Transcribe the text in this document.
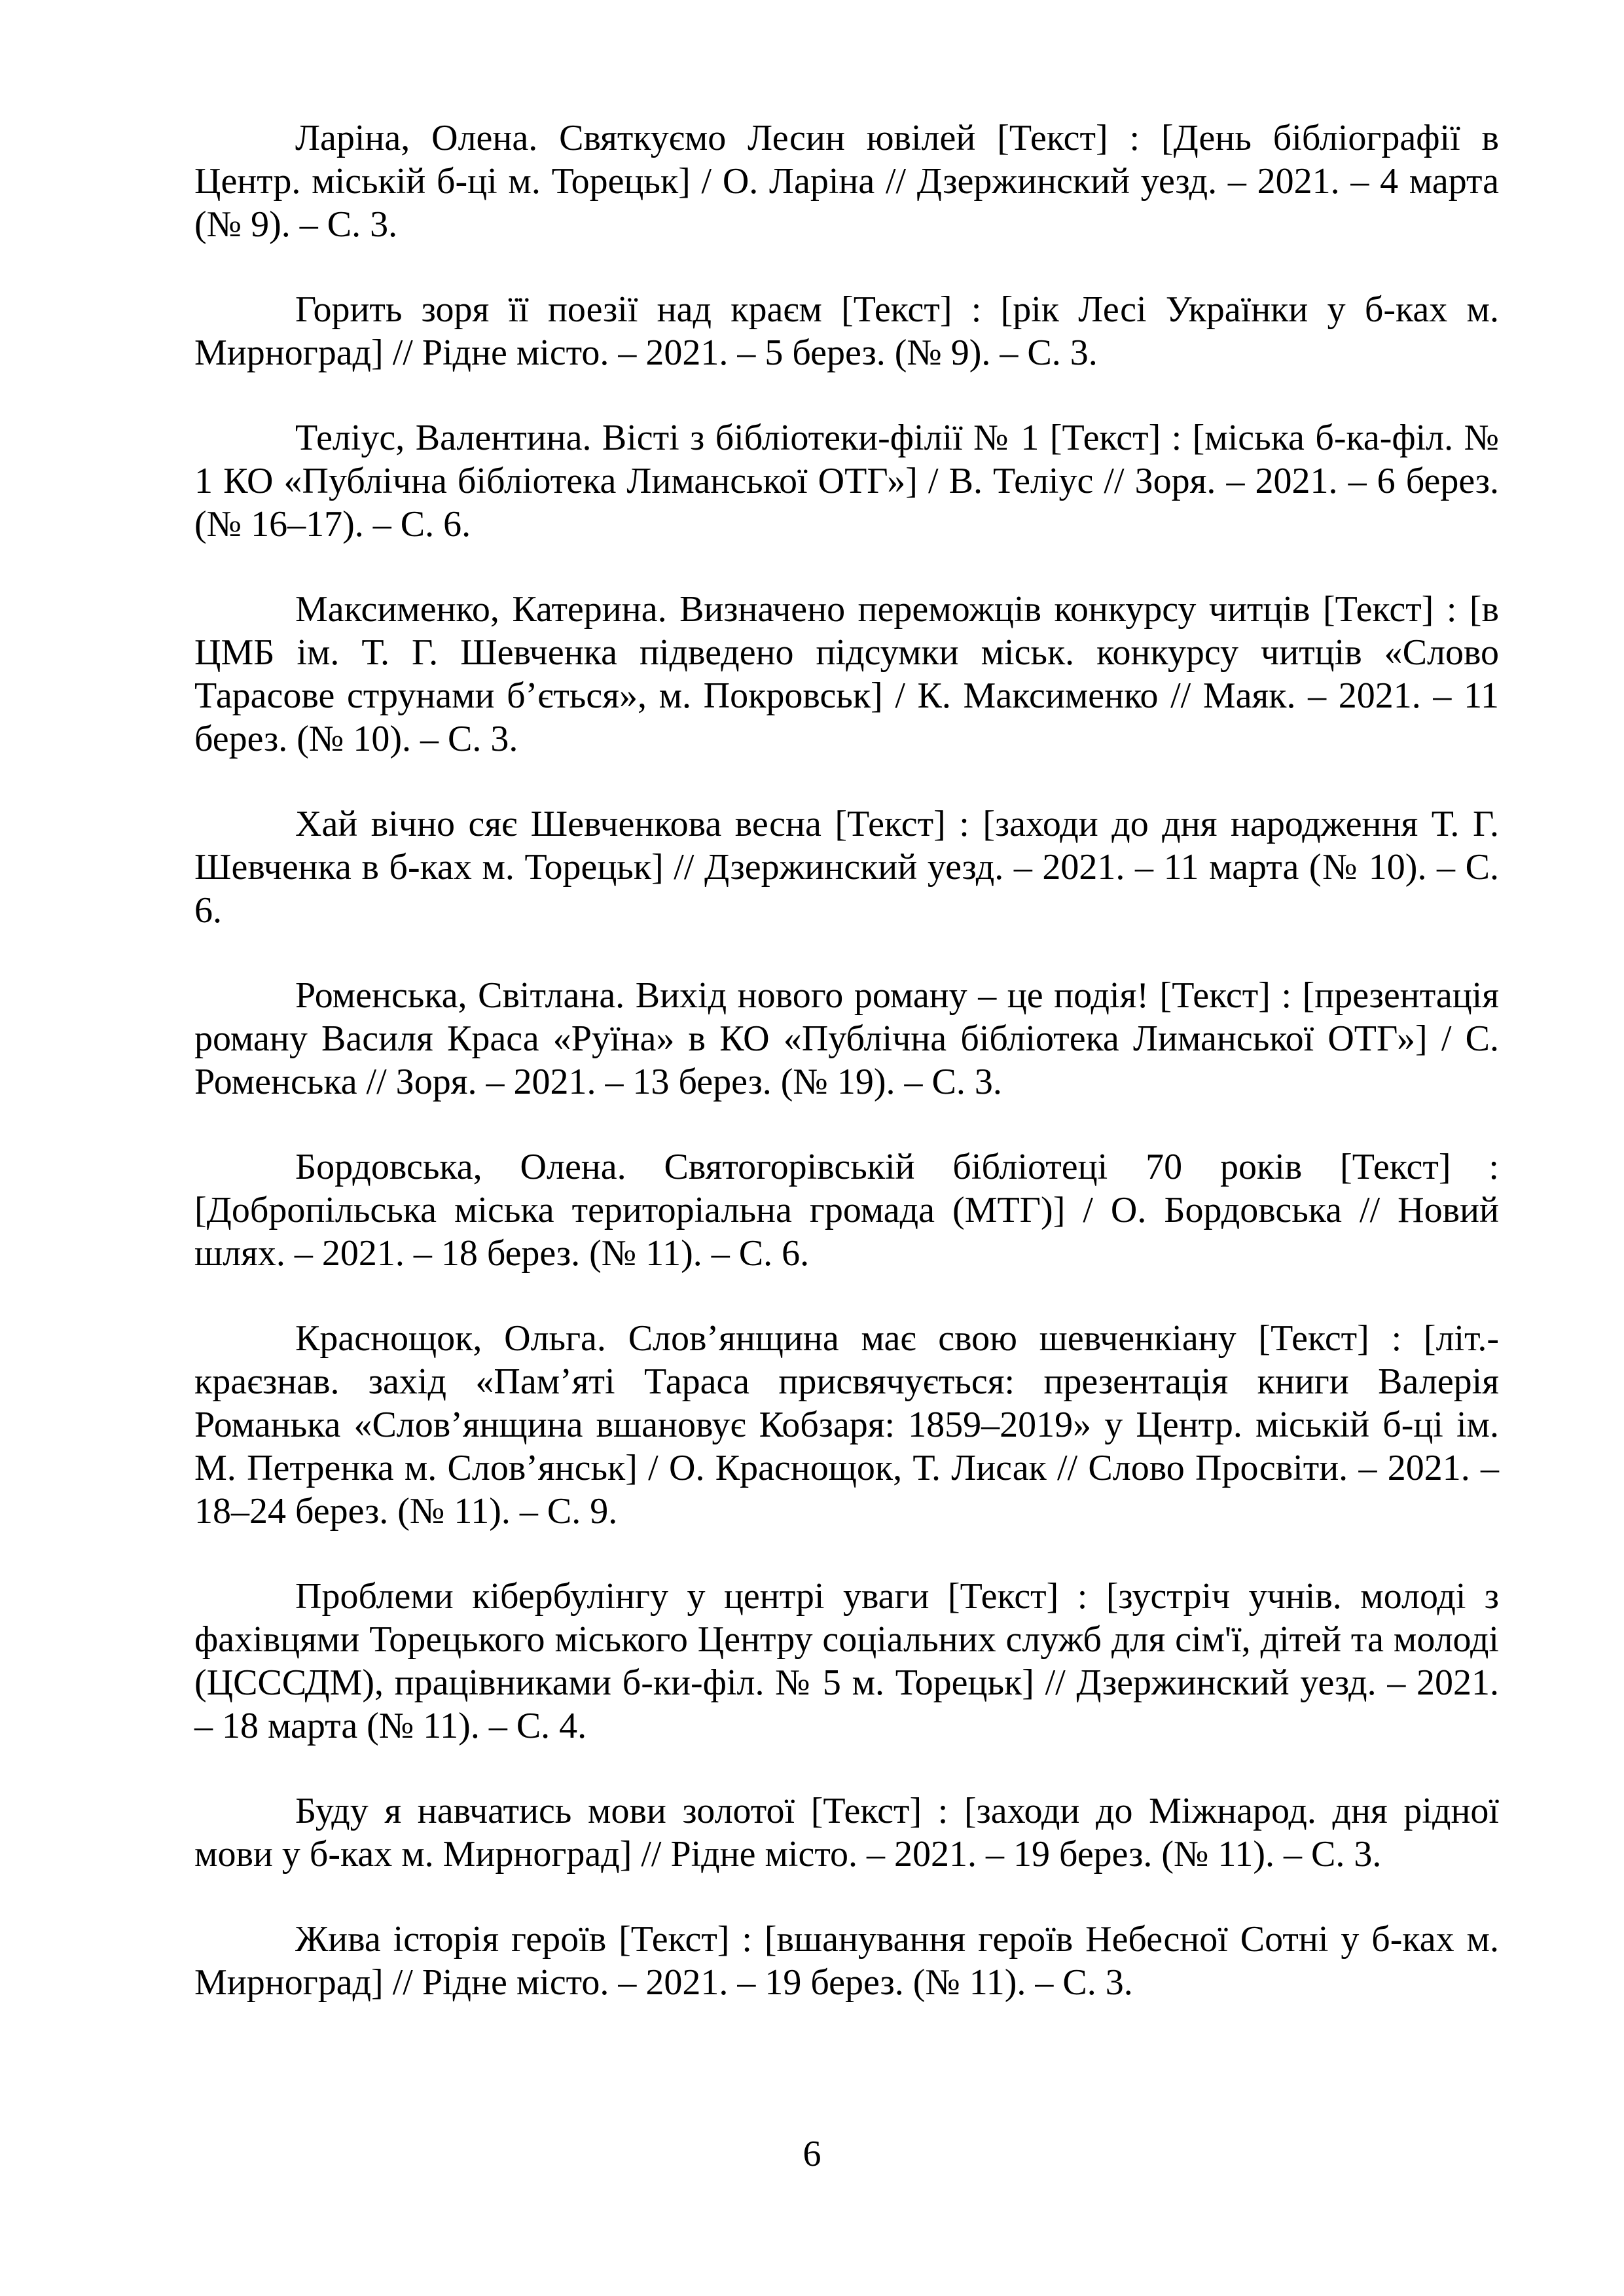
Ларіна, Олена. Святкуємо Лесин ювілей [Текст] : [День бібліографії в Центр. міській б-ці м. Торецьк] / О. Ларіна // Дзержинский уезд. – 2021. – 4 марта (№ 9). – С. 3.

Горить зоря її поезії над краєм [Текст] : [рік Лесі Українки у б-ках м. Мирноград] // Рідне місто. – 2021. – 5 берез. (№ 9). – С. 3.

Теліус, Валентина. Вісті з бібліотеки-філії № 1 [Текст] : [міська б-ка-філ. № 1 КО «Публічна бібліотека Лиманської ОТГ»] / В. Теліус // Зоря. – 2021. – 6 берез. (№ 16–17). – С. 6.

Максименко, Катерина. Визначено переможців конкурсу читців [Текст] : [в ЦМБ ім. Т. Г. Шевченка підведено підсумки міськ. конкурсу читців «Слово Тарасове струнами б’ється», м. Покровськ] / К. Максименко // Маяк. – 2021. – 11 берез. (№ 10). – С. 3.

Хай вічно сяє Шевченкова весна [Текст] : [заходи до дня народження Т. Г. Шевченка в б-ках м. Торецьк] // Дзержинский уезд. – 2021. – 11 марта (№ 10). – С. 6.

Роменська, Світлана. Вихід нового роману – це подія! [Текст] : [презентація роману Василя Краса «Руїна» в КО «Публічна бібліотека Лиманської ОТГ»] / С. Роменська // Зоря. – 2021. – 13 берез. (№ 19). – С. 3.

Бордовська, Олена. Святогорівській бібліотеці 70 років [Текст] : [Добропільська міська територіальна громада (МТГ)] / О. Бордовська // Новий шлях. – 2021. – 18 берез. (№ 11). – С. 6.

Краснощок, Ольга. Слов’янщина має свою шевченкіану [Текст] : [літ.-краєзнав. захід «Пам’яті Тараса присвячується: презентація книги Валерія Романька «Слов’янщина вшановує Кобзаря: 1859–2019» у Центр. міській б-ці ім. М. Петренка м. Слов’янськ] / О. Краснощок, Т. Лисак // Слово Просвіти. – 2021. – 18–24 берез. (№ 11). – С. 9.

Проблеми кібербулінгу у центрі уваги [Текст] : [зустріч учнів. молоді з фахівцями Торецького міського Центру соціальних служб для сім'ї, дітей та молоді (ЦСССДМ), працівниками б-ки-філ. № 5 м. Торецьк] // Дзержинский уезд. – 2021. – 18 марта (№ 11). – С. 4.

Буду я навчатись мови золотої [Текст] : [заходи до Міжнарод. дня рідної мови у б-ках м. Мирноград] // Рідне місто. – 2021. – 19 берез. (№ 11). – С. 3.

Жива історія героїв [Текст] : [вшанування героїв Небесної Сотні у б-ках м. Мирноград] // Рідне місто. – 2021. – 19 берез. (№ 11). – С. 3.

6
